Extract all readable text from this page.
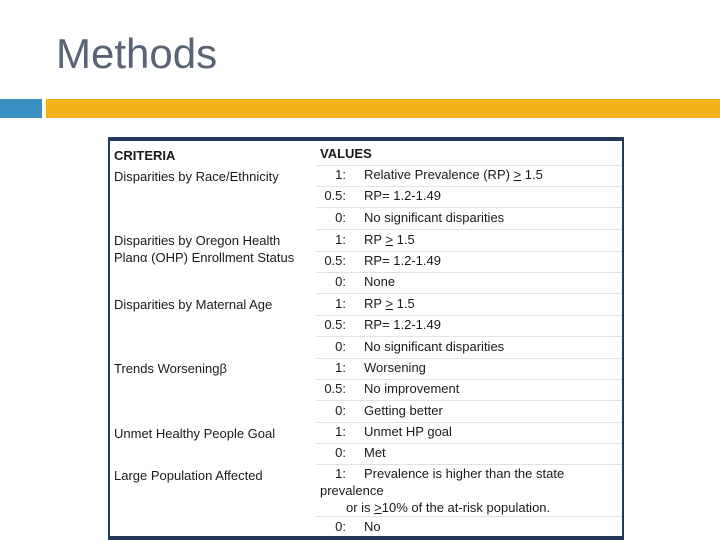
Methods
CRITERIA
Disparities by Race/Ethnicity
Disparities by Oregon Health Planα (OHP) Enrollment Status
Disparities by Maternal Age
Trends Worseningβ
Unmet Healthy People Goal
Large Population Affected
VALUES
1: Relative Prevalence (RP) > 1.5
0.5: RP= 1.2-1.49
0: No significant disparities
1: RP > 1.5
0.5: RP= 1.2-1.49
0: None
1: RP > 1.5
0.5: RP= 1.2-1.49
0: No significant disparities
1: Worsening
0.5: No improvement
0: Getting better
1: Unmet HP goal
0: Met
1: Prevalence is higher than the state
prevalence
or is >10% of the at-risk population.
0: No
